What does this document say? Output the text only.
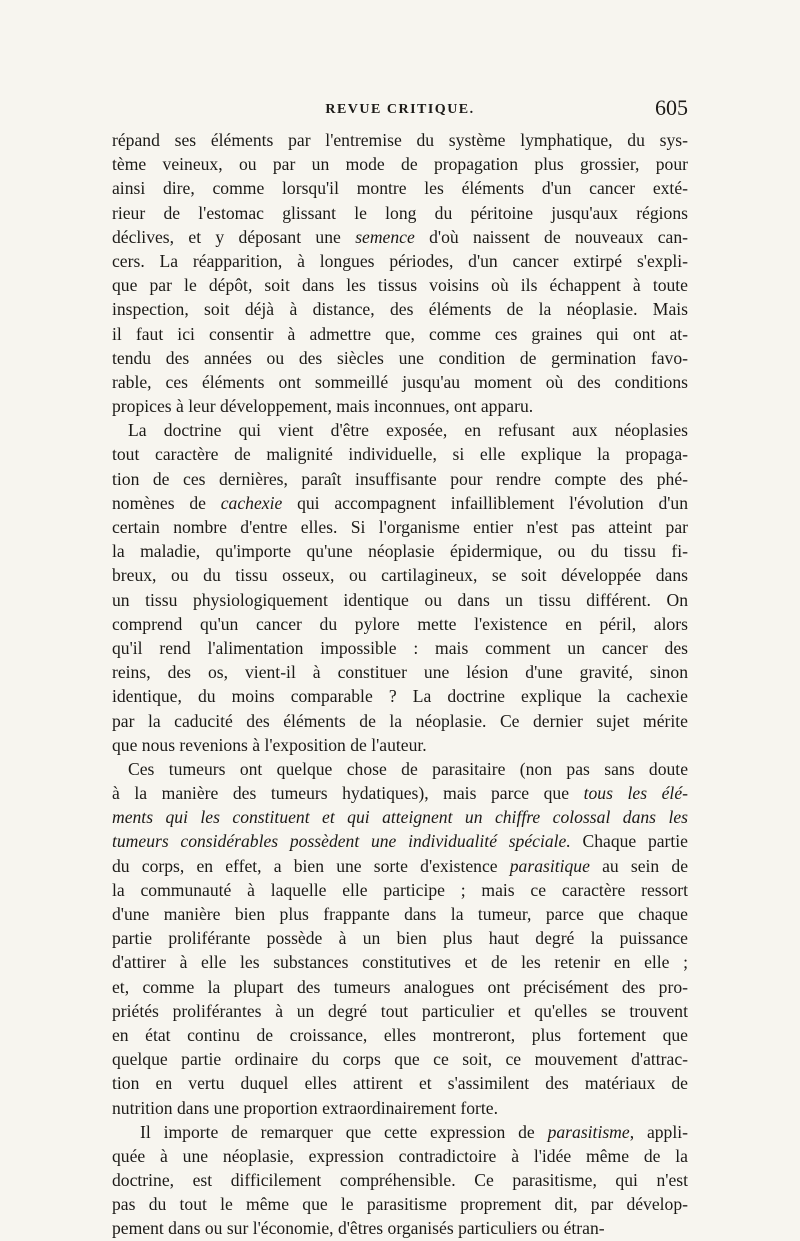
REVUE CRITIQUE.	605
répand ses éléments par l'entremise du système lymphatique, du sys-
tème veineux, ou par un mode de propagation plus grossier, pour
ainsi dire, comme lorsqu'il montre les éléments d'un cancer exté-
rieur de l'estomac glissant le long du péritoine jusqu'aux régions
déclives, et y déposant une semence d'où naissent de nouveaux can-
cers. La réapparition, à longues périodes, d'un cancer extirpé s'expli-
que par le dépôt, soit dans les tissus voisins où ils échappent à toute
inspection, soit déjà à distance, des éléments de la néoplasie. Mais
il faut ici consentir à admettre que, comme ces graines qui ont at-
tendu des années ou des siècles une condition de germination favo-
rable, ces éléments ont sommeillé jusqu'au moment où des conditions
propices à leur développement, mais inconnues, ont apparu.
La doctrine qui vient d'être exposée, en refusant aux néoplasies
tout caractère de malignité individuelle, si elle explique la propaga-
tion de ces dernières, paraît insuffisante pour rendre compte des phé-
nomènes de cachexie qui accompagnent infailliblement l'évolution d'un
certain nombre d'entre elles. Si l'organisme entier n'est pas atteint par
la maladie, qu'importe qu'une néoplasie épidermique, ou du tissu fi-
breux, ou du tissu osseux, ou cartilagineux, se soit développée dans
un tissu physiologiquement identique ou dans un tissu différent. On
comprend qu'un cancer du pylore mette l'existence en péril, alors
qu'il rend l'alimentation impossible : mais comment un cancer des
reins, des os, vient-il à constituer une lésion d'une gravité, sinon
identique, du moins comparable ? La doctrine explique la cachexie
par la caducité des éléments de la néoplasie. Ce dernier sujet mérite
que nous revenions à l'exposition de l'auteur.
Ces tumeurs ont quelque chose de parasitaire (non pas sans doute
à la manière des tumeurs hydatiques), mais parce que tous les élé-
ments qui les constituent et qui atteignent un chiffre colossal dans les
tumeurs considérables possèdent une individualité spéciale. Chaque partie
du corps, en effet, a bien une sorte d'existence parasitique au sein de
la communauté à laquelle elle participe ; mais ce caractère ressort
d'une manière bien plus frappante dans la tumeur, parce que chaque
partie proliférante possède à un bien plus haut degré la puissance
d'attirer à elle les substances constitutives et de les retenir en elle ;
et, comme la plupart des tumeurs analogues ont précisément des pro-
priétés proliférantes à un degré tout particulier et qu'elles se trouvent
en état continu de croissance, elles montreront, plus fortement que
quelque partie ordinaire du corps que ce soit, ce mouvement d'attrac-
tion en vertu duquel elles attirent et s'assimilent des matériaux de
nutrition dans une proportion extraordinairement forte.
Il importe de remarquer que cette expression de parasitisme, appli-
quée à une néoplasie, expression contradictoire à l'idée même de la
doctrine, est difficilement compréhensible. Ce parasitisme, qui n'est
pas du tout le même que le parasitisme proprement dit, par dévelop-
pement dans ou sur l'économie, d'êtres organisés particuliers ou étran-
